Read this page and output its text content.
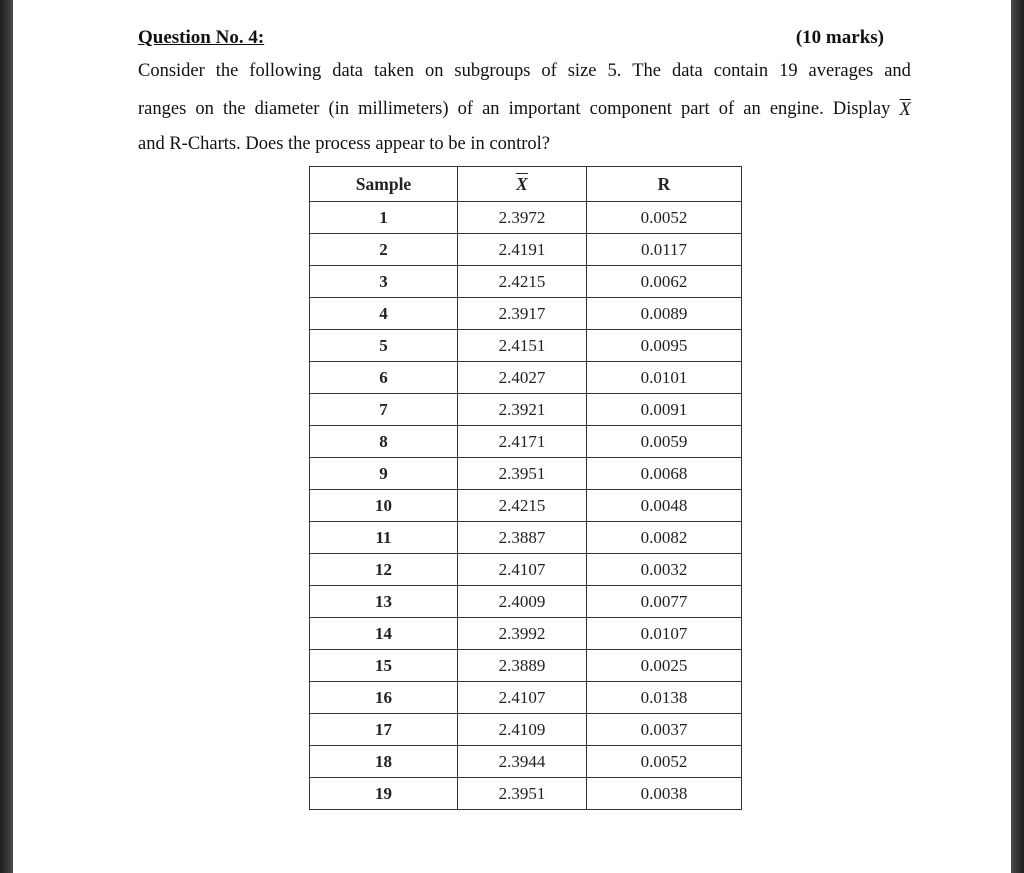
Question No. 4:	(10 marks)
Consider the following data taken on subgroups of size 5. The data contain 19 averages and
ranges on the diameter (in millimeters) of an important component part of an engine. Display $\overline{X}$
and R-Charts. Does the process appear to be in control?
Sample	$\overline{X}$	R
1	2.3972	0.0052
2	2.4191	0.0117
3	2.4215	0.0062
4	2.3917	0.0089
5	2.4151	0.0095
6	2.4027	0.0101
7	2.3921	0.0091
8	2.4171	0.0059
9	2.3951	0.0068
10	2.4215	0.0048
11	2.3887	0.0082
12	2.4107	0.0032
13	2.4009	0.0077
14	2.3992	0.0107
15	2.3889	0.0025
16	2.4107	0.0138
17	2.4109	0.0037
18	2.3944	0.0052
19	2.3951	0.0038
